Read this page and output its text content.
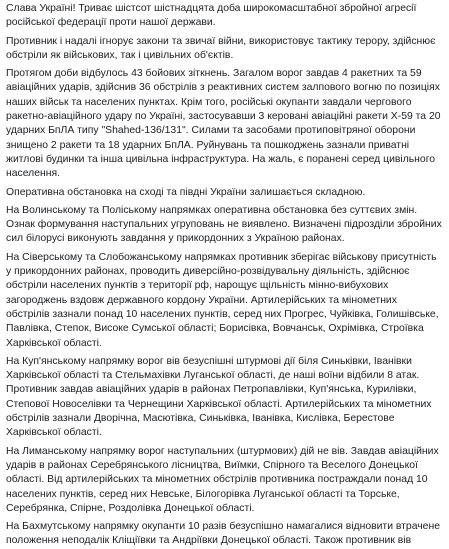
Слава Україні! Триває шістсот шістнадцята доба широкомасштабної збройної агресії російської федерації проти нашої держави.

Противник і надалі ігнорує закони та звичаї війни, використовує тактику терору, здійснює обстріли як військових, так і цивільних об'єктів.

Протягом доби відбулось 43 бойових зіткнень. Загалом ворог завдав 4 ракетних та 59 авіаційних ударів, здійснив 36 обстрілів з реактивних систем залпового вогню по позиціях наших військ та населених пунктах. Крім того, російські окупанти завдали чергового ракетно-авіаційного удару по Україні, застосувавши 3 керовані авіаційні ракети Х-59 та 20 ударних БпЛА типу "Shahed-136/131". Силами та засобами протиповітряної оборони знищено 2 ракети та 18 ударних БпЛА. Руйнувань та пошкоджень зазнали приватні житлові будинки та інша цивільна інфраструктура. На жаль, є поранені серед цивільного населення.

Оперативна обстановка на сході та півдні України залишається складною.

На Волинському та Поліському напрямках оперативна обстановка без суттєвих змін. Ознак формування наступальних угруповань не виявлено. Визначені підрозділи збройних сил білорусі виконують завдання у прикордонних з Україною районах.

На Сіверському та Слобожанському напрямках противник зберігає військову присутність у прикордонних районах, проводить диверсійно-розвідувальну діяльність, здійснює обстріли населених пунктів з території рф, нарощує щільність мінно-вибухових загороджень вздовж державного кордону України. Артилерійських та мінометних обстрілів зазнали понад 10 населених пунктів, серед них Прогрес, Чуйківка, Голишівське, Павлівка, Степок, Високе Сумської області; Борисівка, Вовчанськ, Охрімівка, Строївка Харківської області.

На Куп'янському напрямку ворог вів безуспішні штурмові дії біля Синьківки, Іванівки Харківської області та Стельмахівки Луганської області, де наші воїни відбили 8 атак. Противник завдав авіаційних ударів в районах Петропавлівки, Куп'янська, Курилівки, Степової Новоселівки та Чернещини Харківської області. Артилерійських та мінометних обстрілів зазнали Дворічна, Масютівка, Синьківка, Іванівка, Кислівка, Берестове Харківської області.

На Лиманському напрямку ворог наступальних (штурмових) дій не вів. Завдав авіаційних ударів в районах Серебрянського лісництва, Виїмки, Спірного та Веселого Донецької області. Від артилерійських та мінометних обстрілів противника постраждали понад 10 населених пунктів, серед них Невське, Білогорівка Луганської області та Торське, Серебрянка, Спірне, Роздолівка Донецької області.

На Бахмутському напрямку окупанти 10 разів безуспішно намагалися відновити втрачене положення неподалік Кліщіївки та Андріївки Донецької області. Також противник вів
